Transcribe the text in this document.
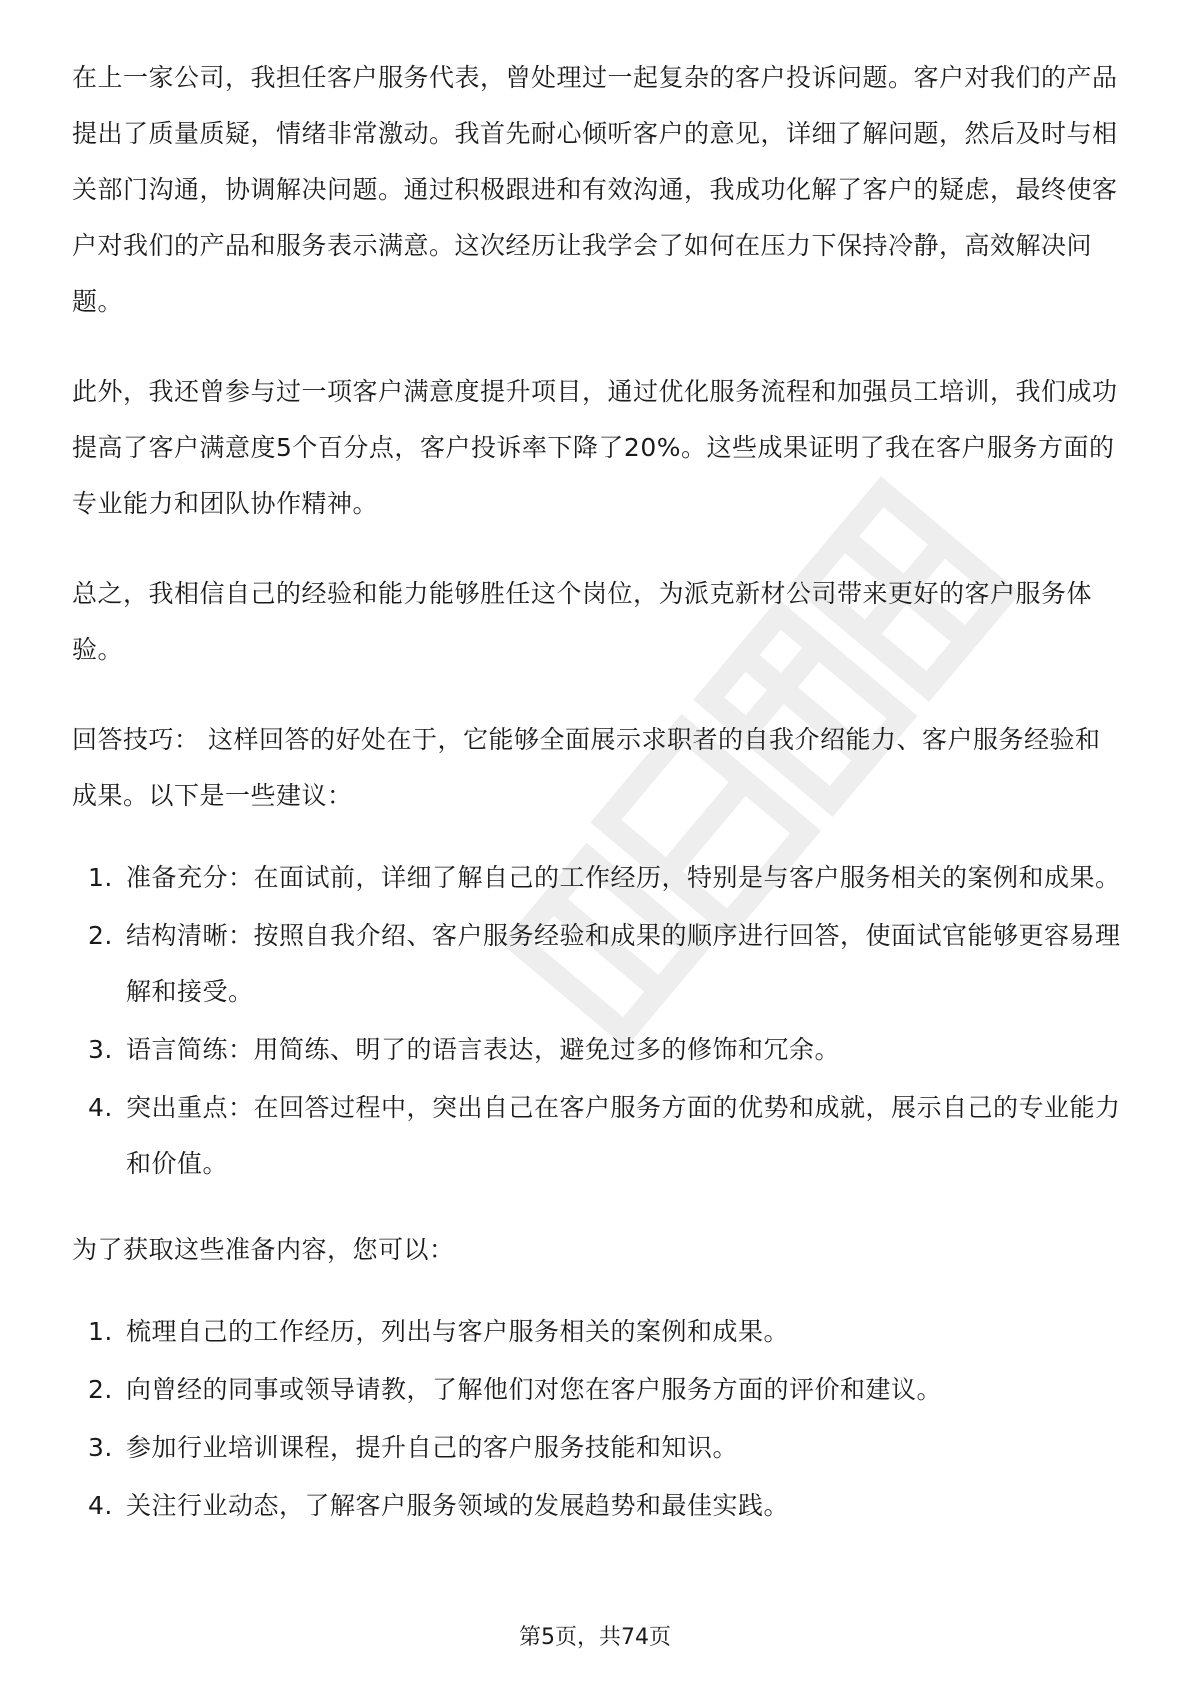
在上一家公司，我担任客户服务代表，曾处理过一起复杂的客户投诉问题。客户对我们的产品提出了质量质疑，情绪非常激动。我首先耐心倾听客户的意见，详细了解问题，然后及时与相关部门沟通，协调解决问题。通过积极跟进和有效沟通，我成功化解了客户的疑虑，最终使客户对我们的产品和服务表示满意。这次经历让我学会了如何在压力下保持冷静，高效解决问题。

此外，我还曾参与过一项客户满意度提升项目，通过优化服务流程和加强员工培训，我们成功提高了客户满意度5个百分点，客户投诉率下降了20%。这些成果证明了我在客户服务方面的专业能力和团队协作精神。

总之，我相信自己的经验和能力能够胜任这个岗位，为派克新材公司带来更好的客户服务体验。

回答技巧： 这样回答的好处在于，它能够全面展示求职者的自我介绍能力、客户服务经验和成果。以下是一些建议：

1. 准备充分：在面试前，详细了解自己的工作经历，特别是与客户服务相关的案例和成果。
2. 结构清晰：按照自我介绍、客户服务经验和成果的顺序进行回答，使面试官能够更容易理解和接受。
3. 语言简练：用简练、明了的语言表达，避免过多的修饰和冗余。
4. 突出重点：在回答过程中，突出自己在客户服务方面的优势和成就，展示自己的专业能力和价值。

为了获取这些准备内容，您可以：

1. 梳理自己的工作经历，列出与客户服务相关的案例和成果。
2. 向曾经的同事或领导请教，了解他们对您在客户服务方面的评价和建议。
3. 参加行业培训课程，提升自己的客户服务技能和知识。
4. 关注行业动态，了解客户服务领域的发展趋势和最佳实践。
第5页，共74页
